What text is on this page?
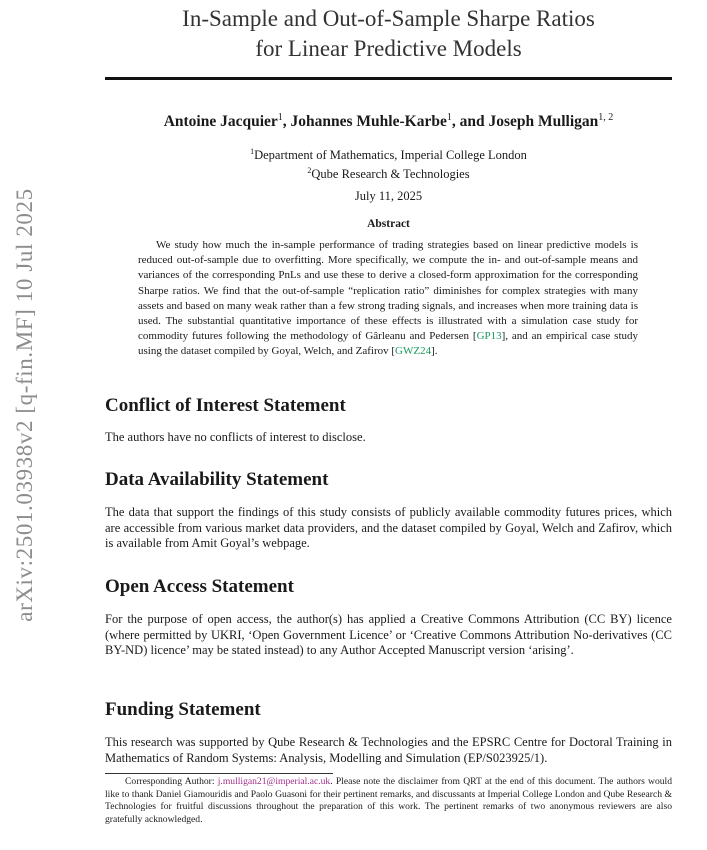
arXiv:2501.03938v2 [q-fin.MF] 10 Jul 2025
In-Sample and Out-of-Sample Sharpe Ratios
for Linear Predictive Models
Antoine Jacquier$^1$, Johannes Muhle-Karbe$^1$, and Joseph Mulligan$^{1, 2}$
$^1$Department of Mathematics, Imperial College London
$^2$Qube Research & Technologies
July 11, 2025
Abstract

We study how much the in-sample performance of trading strategies based on linear predictive models is reduced out-of-sample due to overfitting. More specifically, we compute the in- and out-of-sample means and variances of the corresponding PnLs and use these to derive a closed-form approximation for the corresponding Sharpe ratios. We find that the out-of-sample “replication ratio” diminishes for complex strategies with many assets and based on many weak rather than a few strong trading signals, and increases when more training data is used. The substantial quantitative importance of these effects is illustrated with a simulation case study for commodity futures following the methodology of Gârleanu and Pedersen [GP13], and an empirical case study using the dataset compiled by Goyal, Welch, and Zafirov [GWZ24].

Conflict of Interest Statement

The authors have no conflicts of interest to disclose.

Data Availability Statement

The data that support the findings of this study consists of publicly available commodity futures prices, which are accessible from various market data providers, and the dataset compiled by Goyal, Welch and Zafirov, which is available from Amit Goyal’s webpage.

Open Access Statement

For the purpose of open access, the author(s) has applied a Creative Commons Attribution (CC BY) licence (where permitted by UKRI, ‘Open Government Licence’ or ‘Creative Commons Attribution No-derivatives (CC BY-ND) licence’ may be stated instead) to any Author Accepted Manuscript version ‘arising’.

Funding Statement

This research was supported by Qube Research & Technologies and the EPSRC Centre for Doctoral Training in Mathematics of Random Systems: Analysis, Modelling and Simulation (EP/S023925/1).

Corresponding Author: j.mulligan21@imperial.ac.uk. Please note the disclaimer from QRT at the end of this document. The authors would like to thank Daniel Giamouridis and Paolo Guasoni for their pertinent remarks, and discussants at Imperial College London and Qube Research & Technologies for fruitful discussions throughout the preparation of this work. The pertinent remarks of two anonymous reviewers are also gratefully acknowledged.
